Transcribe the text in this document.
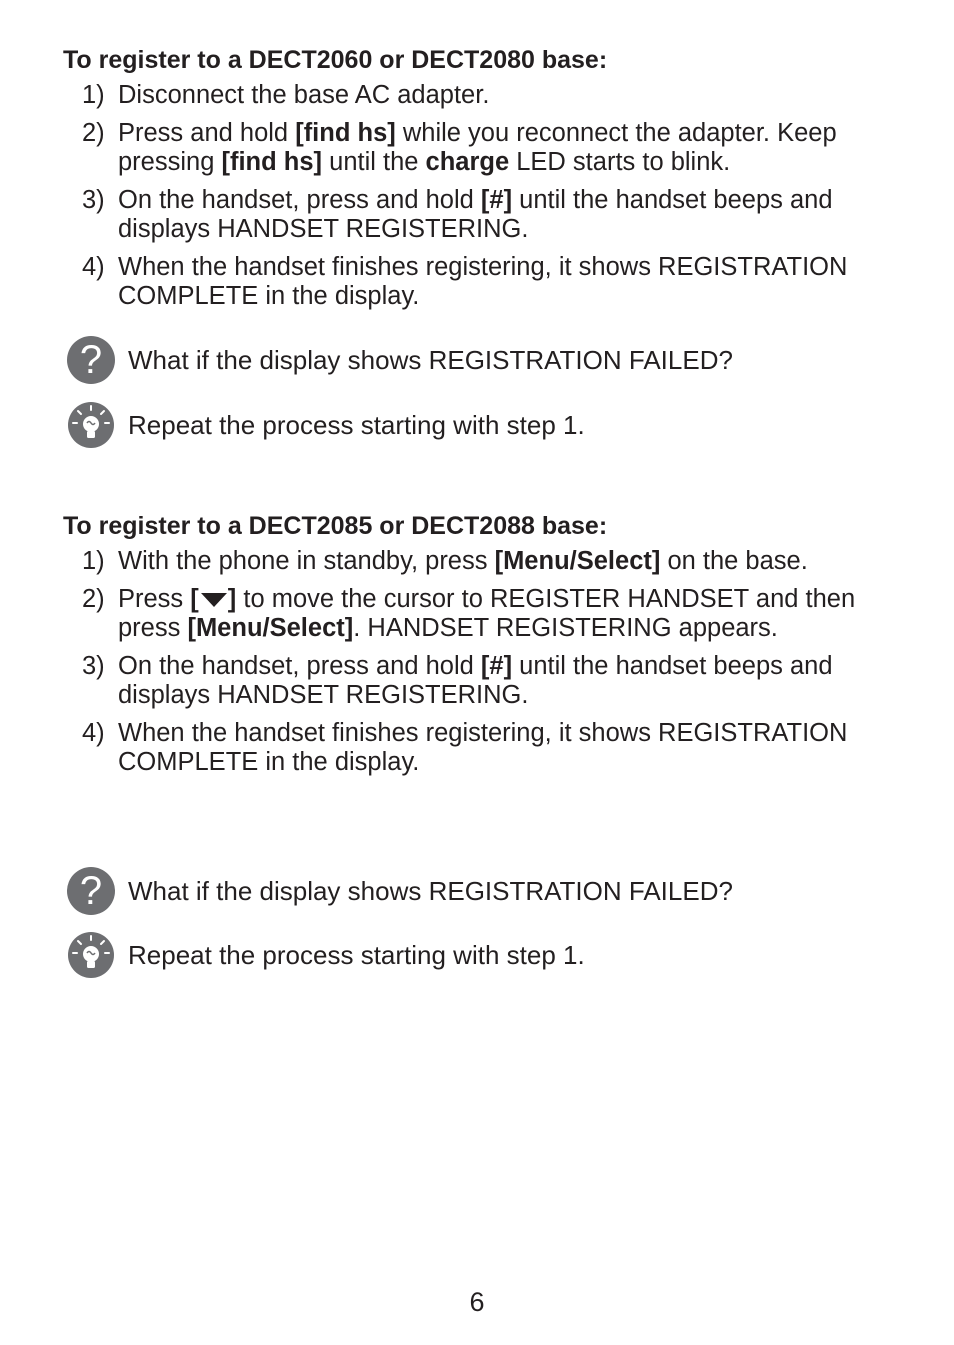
To register to a DECT2060 or DECT2080 base:
1) Disconnect the base AC adapter.
2) Press and hold [find hs] while you reconnect the adapter. Keep pressing [find hs] until the charge LED starts to blink.
3) On the handset, press and hold [#] until the handset beeps and displays HANDSET REGISTERING.
4) When the handset finishes registering, it shows REGISTRATION COMPLETE in the display.
? What if the display shows REGISTRATION FAILED?
Repeat the process starting with step 1.
To register to a DECT2085 or DECT2088 base:
1) With the phone in standby, press [Menu/Select] on the base.
2) Press [ ] to move the cursor to REGISTER HANDSET and then press [Menu/Select]. HANDSET REGISTERING appears.
3) On the handset, press and hold [#] until the handset beeps and displays HANDSET REGISTERING.
4) When the handset finishes registering, it shows REGISTRATION COMPLETE in the display.
? What if the display shows REGISTRATION FAILED?
Repeat the process starting with step 1.
6
